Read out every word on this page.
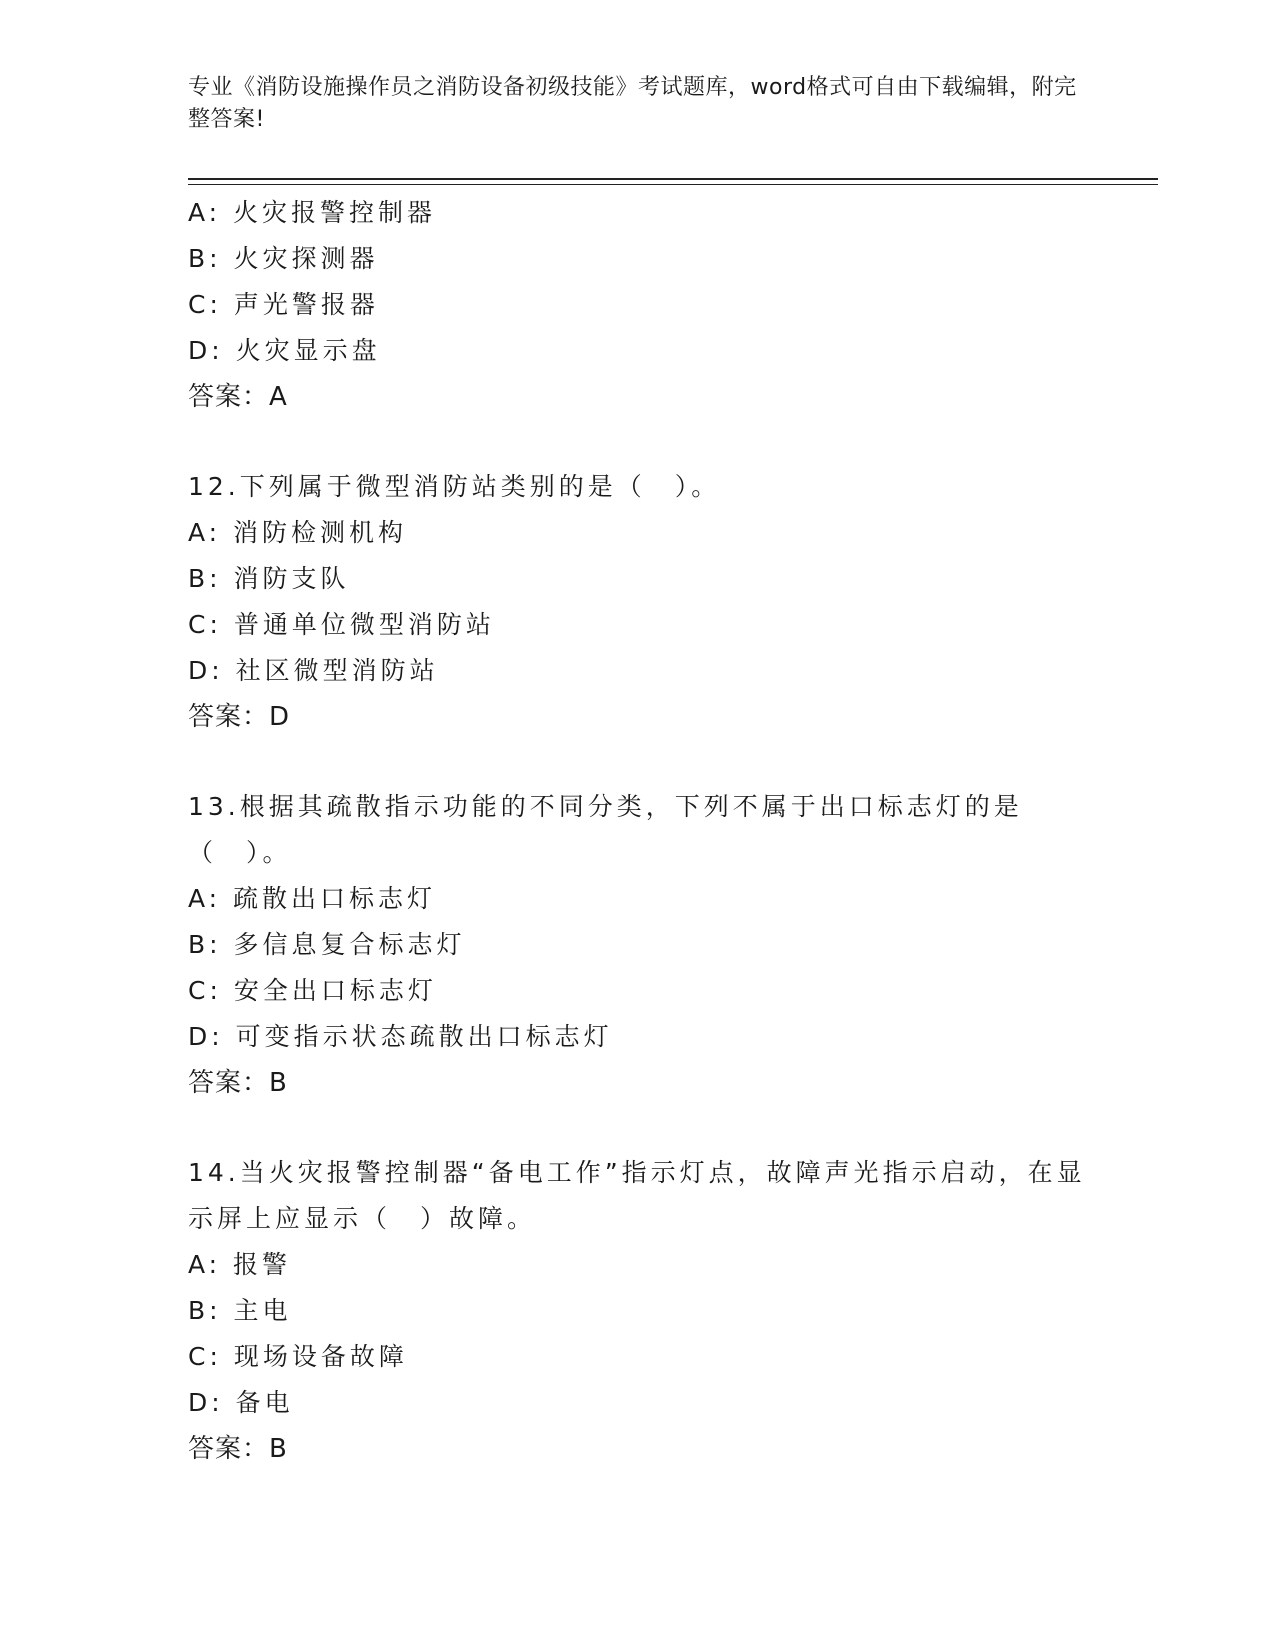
专业《消防设施操作员之消防设备初级技能》考试题库，word格式可自由下载编辑，附完整答案!
A: 火灾报警控制器
B: 火灾探测器
C: 声光警报器
D: 火灾显示盘
答案：A
12.下列属于微型消防站类别的是（　）。
A: 消防检测机构
B: 消防支队
C: 普通单位微型消防站
D: 社区微型消防站
答案：D
13.根据其疏散指示功能的不同分类，下列不属于出口标志灯的是（　）。
A: 疏散出口标志灯
B: 多信息复合标志灯
C: 安全出口标志灯
D: 可变指示状态疏散出口标志灯
答案：B
14.当火灾报警控制器“备电工作”指示灯点，故障声光指示启动，在显示屏上应显示（　）故障。
A: 报警
B: 主电
C: 现场设备故障
D: 备电
答案：B
